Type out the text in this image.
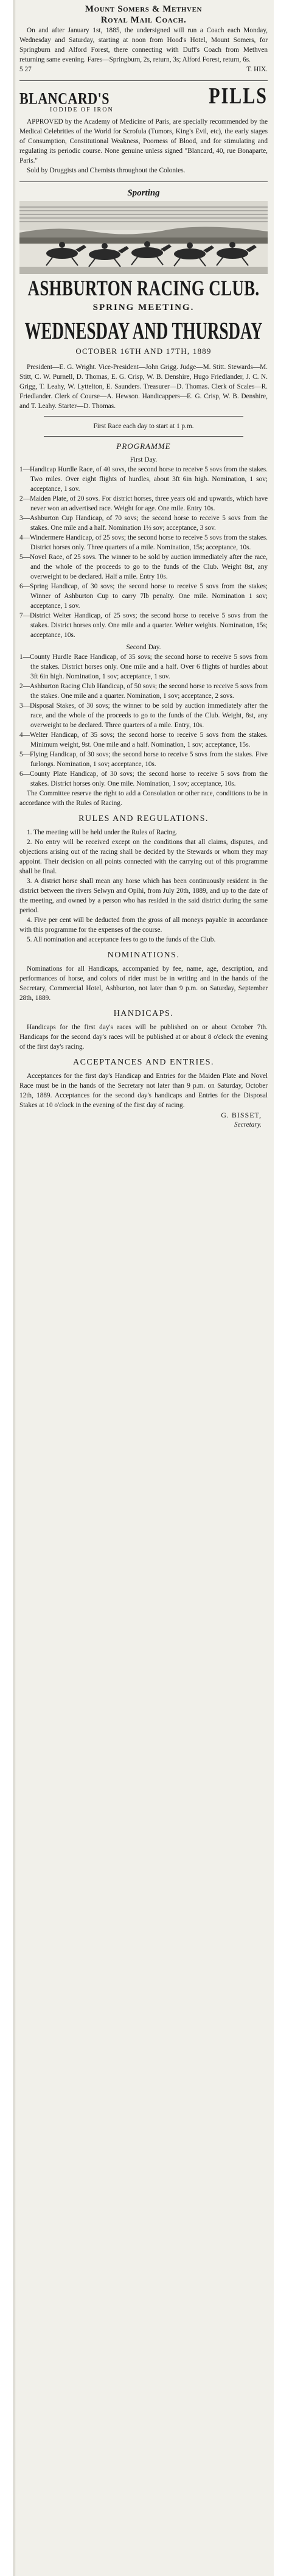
Mount Somers & Methven
Royal Mail Coach.

On and after January 1st, 1885, the undersigned will run a Coach each Monday, Wednesday and Saturday, starting at noon from Hood's Hotel, Mount Somers, for Springburn and Alford Forest, there connecting with Duff's Coach from Methven returning same evening. Fares—Springburn, 2s, return, 3s; Alford Forest, return, 6s.

5 27	T. HIX.
BLANCARD'S	PILLS
IODIDE OF IRON

APPROVED by the Academy of Medicine of Paris, are specially recommended by the Medical Celebrities of the World for Scrofula (Tumors, King's Evil, etc), the early stages of Consumption, Constitutional Weakness, Poorness of Blood, and for stimulating and regulating its periodic course. None genuine unless signed "Blancard, 40, rue Bonaparte, Paris."

Sold by Druggists and Chemists throughout the Colonies.

Sporting
ASHBURTON RACING CLUB.
SPRING MEETING.
WEDNESDAY AND THURSDAY
OCTOBER 16TH AND 17TH, 1889

President—E. G. Wright. Vice-President—John Grigg. Judge—M. Stitt. Stewards—M. Stitt, C. W. Purnell, D. Thomas, E. G. Crisp, W. B. Denshire, Hugo Friedlander, J. C. N. Grigg, T. Leahy, W. Lyttelton, E. Saunders. Treasurer—D. Thomas. Clerk of Scales—R. Friedlander. Clerk of Course—A. Hewson. Handicappers—E. G. Crisp, W. B. Denshire, and T. Leahy. Starter—D. Thomas.

First Race each day to start at 1 p.m.

PROGRAMME
First Day.

1—Handicap Hurdle Race, of 40 sovs, the second horse to receive 5 sovs from the stakes. Two miles. Over eight flights of hurdles, about 3ft 6in high. Nomination, 1 sov; acceptance, 1 sov.

2—Maiden Plate, of 20 sovs. For district horses, three years old and upwards, which have never won an advertised race. Weight for age. One mile. Entry 10s.

3—Ashburton Cup Handicap, of 70 sovs; the second horse to receive 5 sovs from the stakes. One mile and a half. Nomination 1½ sov; acceptance, 3 sov.

4—Windermere Handicap, of 25 sovs; the second horse to receive 5 sovs from the stakes. District horses only. Three quarters of a mile. Nomination, 15s; acceptance, 10s.

5—Novel Race, of 25 sovs. The winner to be sold by auction immediately after the race, and the whole of the proceeds to go to the funds of the Club. Weight 8st, any overweight to be declared. Half a mile. Entry 10s.

6—Spring Handicap, of 30 sovs; the second horse to receive 5 sovs from the stakes; Winner of Ashburton Cup to carry 7lb penalty. One mile. Nomination 1 sov; acceptance, 1 sov.

7—District Welter Handicap, of 25 sovs; the second horse to receive 5 sovs from the stakes. District horses only. One mile and a quarter. Welter weights. Nomination, 15s; acceptance, 10s.

Second Day.

1—County Hurdle Race Handicap, of 35 sovs; the second horse to receive 5 sovs from the stakes. District horses only. One mile and a half. Over 6 flights of hurdles about 3ft 6in high. Nomination, 1 sov; acceptance, 1 sov.

2—Ashburton Racing Club Handicap, of 50 sovs; the second horse to receive 5 sovs from the stakes. One mile and a quarter. Nomination, 1 sov; acceptance, 2 sovs.

3—Disposal Stakes, of 30 sovs; the winner to be sold by auction immediately after the race, and the whole of the proceeds to go to the funds of the Club. Weight, 8st, any overweight to be declared. Three quarters of a mile. Entry, 10s.

4—Welter Handicap, of 35 sovs; the second horse to receive 5 sovs from the stakes. Minimum weight, 9st. One mile and a half. Nomination, 1 sov; acceptance, 15s.

5—Flying Handicap, of 30 sovs; the second horse to receive 5 sovs from the stakes. Five furlongs. Nomination, 1 sov; acceptance, 10s.

6—County Plate Handicap, of 30 sovs; the second horse to receive 5 sovs from the stakes. District horses only. One mile. Nomination, 1 sov; acceptance, 10s.

The Committee reserve the right to add a Consolation or other race, conditions to be in accordance with the Rules of Racing.

RULES AND REGULATIONS.

1. The meeting will be held under the Rules of Racing.

2. No entry will be received except on the conditions that all claims, disputes, and objections arising out of the racing shall be decided by the Stewards or whom they may appoint. Their decision on all points connected with the carrying out of this programme shall be final.

3. A district horse shall mean any horse which has been continuously resident in the district between the rivers Selwyn and Opihi, from July 20th, 1889, and up to the date of the meeting, and owned by a person who has resided in the said district during the same period.

4. Five per cent will be deducted from the gross of all moneys payable in accordance with this programme for the expenses of the course.

5. All nomination and acceptance fees to go to the funds of the Club.

NOMINATIONS.

Nominations for all Handicaps, accompanied by fee, name, age, description, and performances of horse, and colors of rider must be in writing and in the hands of the Secretary, Commercial Hotel, Ashburton, not later than 9 p.m. on Saturday, September 28th, 1889.

HANDICAPS.

Handicaps for the first day's races will be published on or about October 7th. Handicaps for the second day's races will be published at or about 8 o'clock the evening of the first day's racing.

ACCEPTANCES AND ENTRIES.

Acceptances for the first day's Handicap and Entries for the Maiden Plate and Novel Race must be in the hands of the Secretary not later than 9 p.m. on Saturday, October 12th, 1889. Acceptances for the second day's handicaps and Entries for the Disposal Stakes at 10 o'clock in the evening of the first day of racing.

G. BISSET,
Secretary.
